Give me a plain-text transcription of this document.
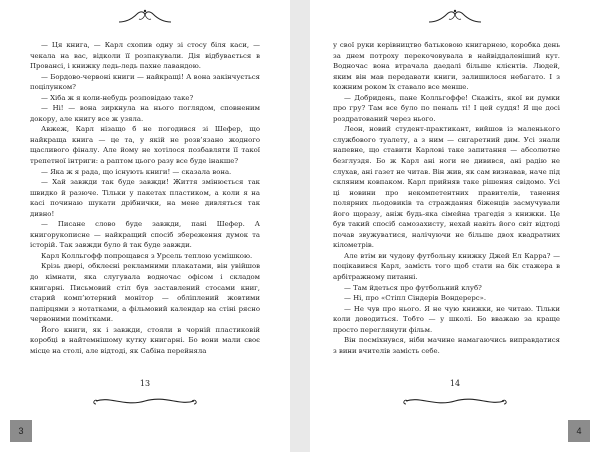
— Ця книга, — Карл схопив одну зі стосу біля каси, — чекала на вас, відколи її розпакували. Дія відбувається в Провансі, і книжку ледь-ледь пахне лавандою.

— Бордово-червоні книги — найкращі! А вона закінчується поцілунком?

— Хіба ж я коли-небудь розповідаю таке?

— Ні! — вона зиркнула на нього поглядом, сповненим докору, але книгу все ж узяла.

Авжеж, Карл нізащо б не погодився зі Шефер, що найкраща книга — це та, у якій не розв’язано жодного щасливого фіналу. Але йому не хотілося позбавляти її такої трепетної інтриги: а раптом цього разу все буде інакше?

— Яка ж я рада, що існують книги! — сказала вона.

— Хай завжди так буде завжди! Життя змінюється так швидко й разюче. Тільки у пакетах пластиком, а коли я на касі починаю шукати дрібнички, на мене дивляться так дивно!

— Писане слово буде завжди, пані Шефер. А книгорукописне — найкращий спосіб збереження думок та історій. Так завжди було й так буде завжди.

Карл Колльгофф попрощався з Урсель теплою усмішкою.

Крізь двері, обклеєні рекламними плакатами, він увійшов до кімнати, яка слугувала водночас офісом і складом книгарні. Письмовий стіл був заставлений стосами книг, старий комп’ютерний монітор — обліплений жовтими папірцями з нотатками, а фільмовий календар на стіні рясно червоними помітками.

Його книги, як і завжди, стояли в чорній пластиковій коробці в найтемнішому кутку книгарні. Бо вони мали своє місце на столі, але відтоді, як Сабіна перейняла

13

у свої руки керівництво батьковою книгарнею, коробка день за днем потроху перекочовувала в найвіддаленіший кут. Водночас вона втрачала даедалі більше клієнтів. Людей, яким він мав передавати книги, залишилося небагато. І з кожним роком їх ставало все менше.

— Добридень, пане Колльгоффе! Скажіть, якої ви думки про гру? Там все було по пеналь ті! І цей суддя! Я ще досі роздратований через нього.

Леон, новий студент-практикант, вийшов із маленького службового туалету, а з ним — сигаретний дим. Усі знали напевне, що ставити Карлові таке запитання — абсолютне безглуздя. Бо ж Карл ані ноги не дивився, ані радію не слухав, ані газет не читав. Він жив, як сам визнавав, наче під скляним ковпаком. Карл прийняв таке рішення свідомо. Усі ці новини про некомпетентних правителів, танення полярних льодовиків та страждання біженців засмучували його щоразу, аніж будь-яка сімейна трагедія з книжки. Це був такий спосіб самозахисту, нехай навіть його світ відтоді почав звужуватися, налічуючи не більше двох квадратних кілометрів.

Але втім ви чудову футбольну книжку Джей Ел Карра? — поцікавився Карл, замість того щоб стати на бік стажера в арбітражному питанні.

— Там йдеться про футбольний клуб?

— Ні, про «Стіпл Сіндерів Вондерерс».

— Не чув про нього. Я не чую книжки, не читаю. Тільки коли доводиться. Тобто — у школі. Бо вважаю за краще просто переглянути фільм.

Він посміхнувся, ніби мачине намагаючись виправдатися з вини вчителів замість себе.

14
3	4
